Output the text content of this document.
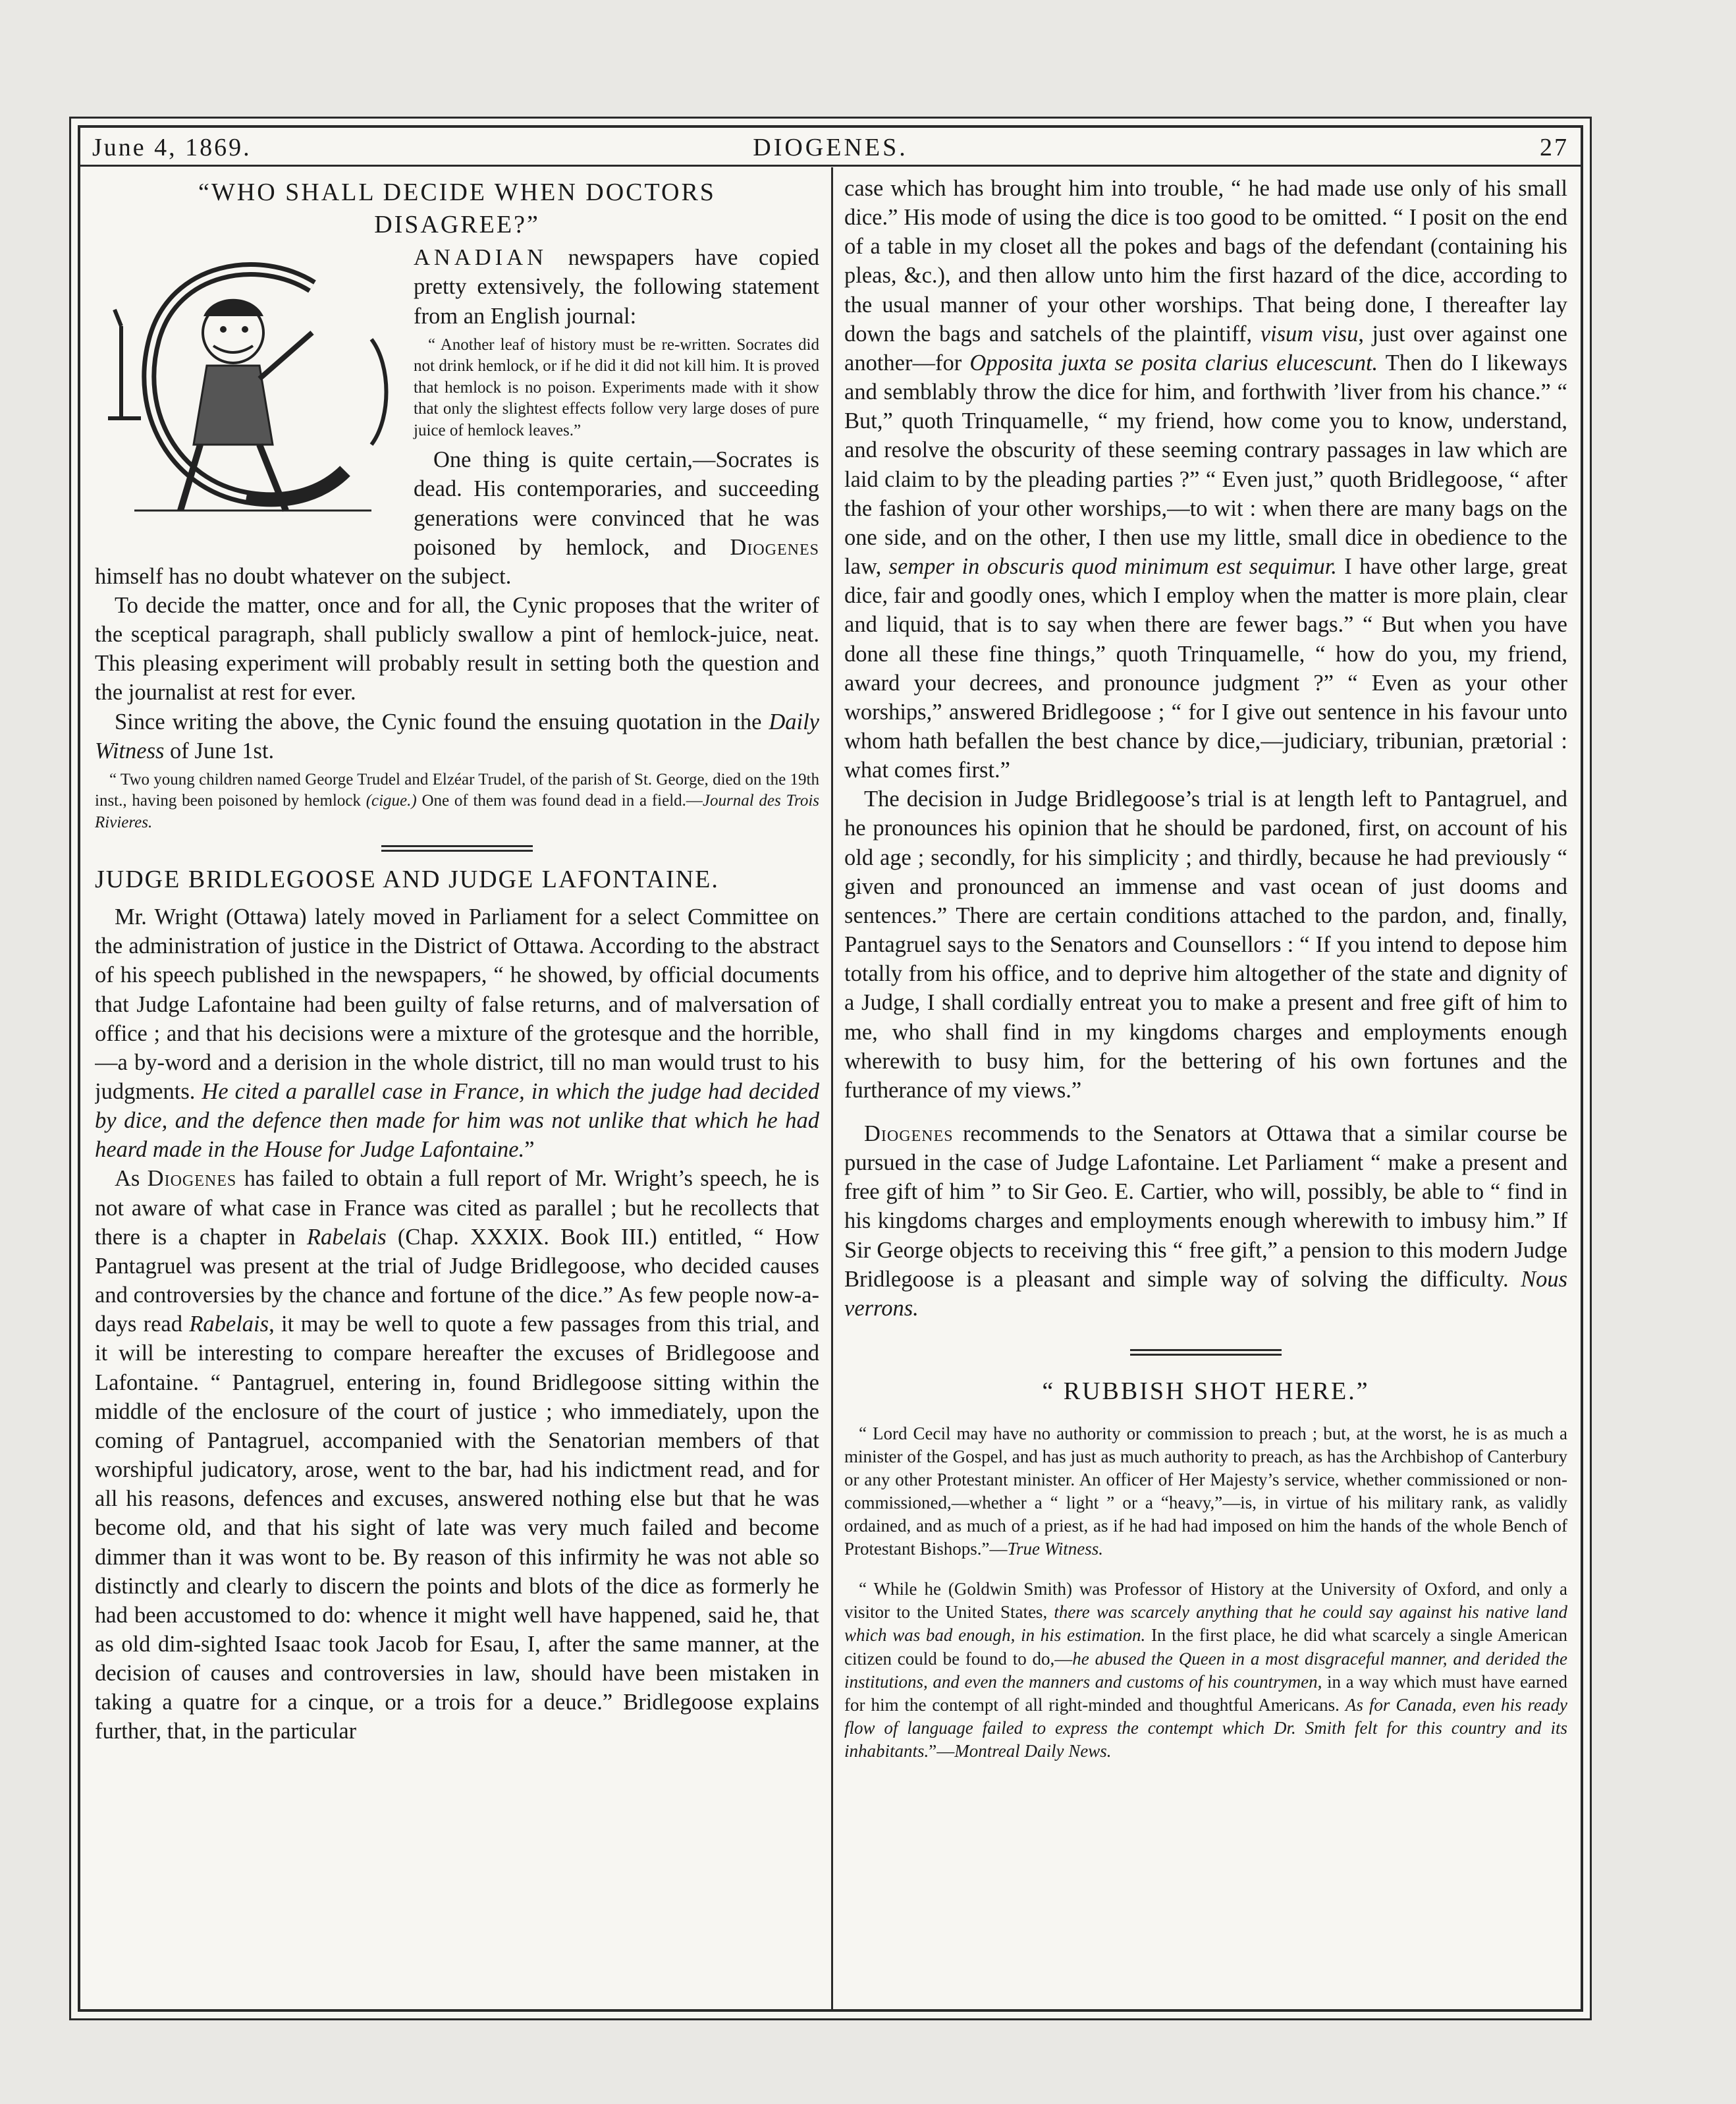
June 4, 1869.	DIOGENES.	27
“WHO SHALL DECIDE WHEN DOCTORS
DISAGREE?”

ANADIAN newspapers have copied pretty extensively, the following statement from an English journal:

“ Another leaf of history must be re-written. Socrates did not drink hemlock, or if he did it did not kill him. It is proved that hemlock is no poison. Experiments made with it show that only the slightest effects follow very large doses of pure juice of hemlock leaves.”

One thing is quite certain,—Socrates is dead. His contemporaries, and succeeding generations were convinced that he was poisoned by hemlock, and Diogenes himself has no doubt whatever on the subject.

To decide the matter, once and for all, the Cynic proposes that the writer of the sceptical paragraph, shall publicly swallow a pint of hemlock-juice, neat. This pleasing experiment will probably result in setting both the question and the journalist at rest for ever.

Since writing the above, the Cynic found the ensuing quotation in the Daily Witness of June 1st.

“ Two young children named George Trudel and Elzéar Trudel, of the parish of St. George, died on the 19th inst., having been poisoned by hemlock (cigue.) One of them was found dead in a field.—Journal des Trois Rivieres.

JUDGE BRIDLEGOOSE AND JUDGE LAFONTAINE.

Mr. Wright (Ottawa) lately moved in Parliament for a select Committee on the administration of justice in the District of Ottawa. According to the abstract of his speech published in the newspapers, “ he showed, by official documents that Judge Lafontaine had been guilty of false returns, and of malversation of office ; and that his decisions were a mixture of the grotesque and the horrible,—a by-word and a derision in the whole district, till no man would trust to his judgments. He cited a parallel case in France, in which the judge had decided by dice, and the defence then made for him was not unlike that which he had heard made in the House for Judge Lafontaine.”

As Diogenes has failed to obtain a full report of Mr. Wright’s speech, he is not aware of what case in France was cited as parallel ; but he recollects that there is a chapter in Rabelais (Chap. XXXIX. Book III.) entitled, “ How Pantagruel was present at the trial of Judge Bridlegoose, who decided causes and controversies by the chance and fortune of the dice.” As few people now-a-days read Rabelais, it may be well to quote a few passages from this trial, and it will be interesting to compare hereafter the excuses of Bridlegoose and Lafontaine. “ Pantagruel, entering in, found Bridlegoose sitting within the middle of the enclosure of the court of justice ; who immediately, upon the coming of Pantagruel, accompanied with the Senatorian members of that worshipful judicatory, arose, went to the bar, had his indictment read, and for all his reasons, defences and excuses, answered nothing else but that he was become old, and that his sight of late was very much failed and become dimmer than it was wont to be. By reason of this infirmity he was not able so distinctly and clearly to discern the points and blots of the dice as formerly he had been accustomed to do: whence it might well have happened, said he, that as old dim-sighted Isaac took Jacob for Esau, I, after the same manner, at the decision of causes and controversies in law, should have been mistaken in taking a quatre for a cinque, or a trois for a deuce.” Bridlegoose explains further, that, in the particular

case which has brought him into trouble, “ he had made use only of his small dice.” His mode of using the dice is too good to be omitted. “ I posit on the end of a table in my closet all the pokes and bags of the defendant (containing his pleas, &c.), and then allow unto him the first hazard of the dice, according to the usual manner of your other worships. That being done, I thereafter lay down the bags and satchels of the plaintiff, visum visu, just over against one another—for Opposita juxta se posita clarius elucescunt. Then do I likeways and semblably throw the dice for him, and forthwith ’liver from his chance.” “ But,” quoth Trinquamelle, “ my friend, how come you to know, understand, and resolve the obscurity of these seeming contrary passages in law which are laid claim to by the pleading parties ?” “ Even just,” quoth Bridlegoose, “ after the fashion of your other worships,—to wit : when there are many bags on the one side, and on the other, I then use my little, small dice in obedience to the law, semper in obscuris quod minimum est sequimur. I have other large, great dice, fair and goodly ones, which I employ when the matter is more plain, clear and liquid, that is to say when there are fewer bags.” “ But when you have done all these fine things,” quoth Trinquamelle, “ how do you, my friend, award your decrees, and pronounce judgment ?” “ Even as your other worships,” answered Bridlegoose ; “ for I give out sentence in his favour unto whom hath befallen the best chance by dice,—judiciary, tribunian, prætorial : what comes first.”

The decision in Judge Bridlegoose’s trial is at length left to Pantagruel, and he pronounces his opinion that he should be pardoned, first, on account of his old age ; secondly, for his simplicity ; and thirdly, because he had previously “ given and pronounced an immense and vast ocean of just dooms and sentences.” There are certain conditions attached to the pardon, and, finally, Pantagruel says to the Senators and Counsellors : “ If you intend to depose him totally from his office, and to deprive him altogether of the state and dignity of a Judge, I shall cordially entreat you to make a present and free gift of him to me, who shall find in my kingdoms charges and employments enough wherewith to busy him, for the bettering of his own fortunes and the furtherance of my views.”

Diogenes recommends to the Senators at Ottawa that a similar course be pursued in the case of Judge Lafontaine. Let Parliament “ make a present and free gift of him ” to Sir Geo. E. Cartier, who will, possibly, be able to “ find in his kingdoms charges and employments enough wherewith to imbusy him.” If Sir George objects to receiving this “ free gift,” a pension to this modern Judge Bridlegoose is a pleasant and simple way of solving the difficulty. Nous verrons.

“ RUBBISH SHOT HERE.”

“ Lord Cecil may have no authority or commission to preach ; but, at the worst, he is as much a minister of the Gospel, and has just as much authority to preach, as has the Archbishop of Canterbury or any other Protestant minister. An officer of Her Majesty’s service, whether commissioned or non-commissioned,—whether a “ light ” or a “heavy,”—is, in virtue of his military rank, as validly ordained, and as much of a priest, as if he had had imposed on him the hands of the whole Bench of Protestant Bishops.”—True Witness.

“ While he (Goldwin Smith) was Professor of History at the University of Oxford, and only a visitor to the United States, there was scarcely anything that he could say against his native land which was bad enough, in his estimation. In the first place, he did what scarcely a single American citizen could be found to do,—he abused the Queen in a most disgraceful manner, and derided the institutions, and even the manners and customs of his countrymen, in a way which must have earned for him the contempt of all right-minded and thoughtful Americans. As for Canada, even his ready flow of language failed to express the contempt which Dr. Smith felt for this country and its inhabitants.”—Montreal Daily News.
